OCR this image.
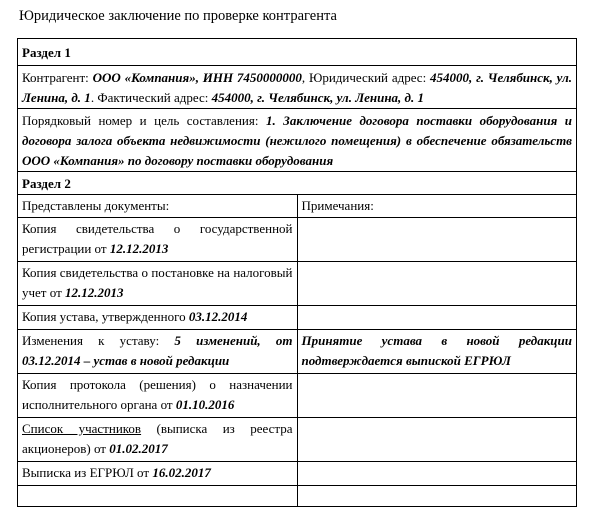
Юридическое заключение по проверке контрагента
Раздел 1	
Контрагент: ООО «Компания», ИНН 7450000000, Юридический адрес: 454000, г. Челябинск, ул. Ленина, д. 1. Фактический адрес: 454000, г. Челябинск, ул. Ленина, д. 1	
Порядковый номер и цель составления: 1. Заключение договора поставки оборудования и договора залога объекта недвижимости (нежилого помещения) в обеспечение обязательств ООО «Компания» по договору поставки оборудования	
Раздел 2	
Представлены документы:	Примечания:
Копия свидетельства о государственной регистрации от 12.12.2013	
Копия свидетельства о постановке на налоговый учет от 12.12.2013	
Копия устава, утвержденного 03.12.2014	
Изменения к уставу: 5 изменений, от 03.12.2014 – устав в новой редакции	Принятие устава в новой редакции подтверждается выпиской ЕГРЮЛ
Копия протокола (решения) о назначении исполнительного органа от 01.10.2016	
Список участников (выписка из реестра акционеров) от 01.02.2017	
Выписка из ЕГРЮЛ от 16.02.2017	
